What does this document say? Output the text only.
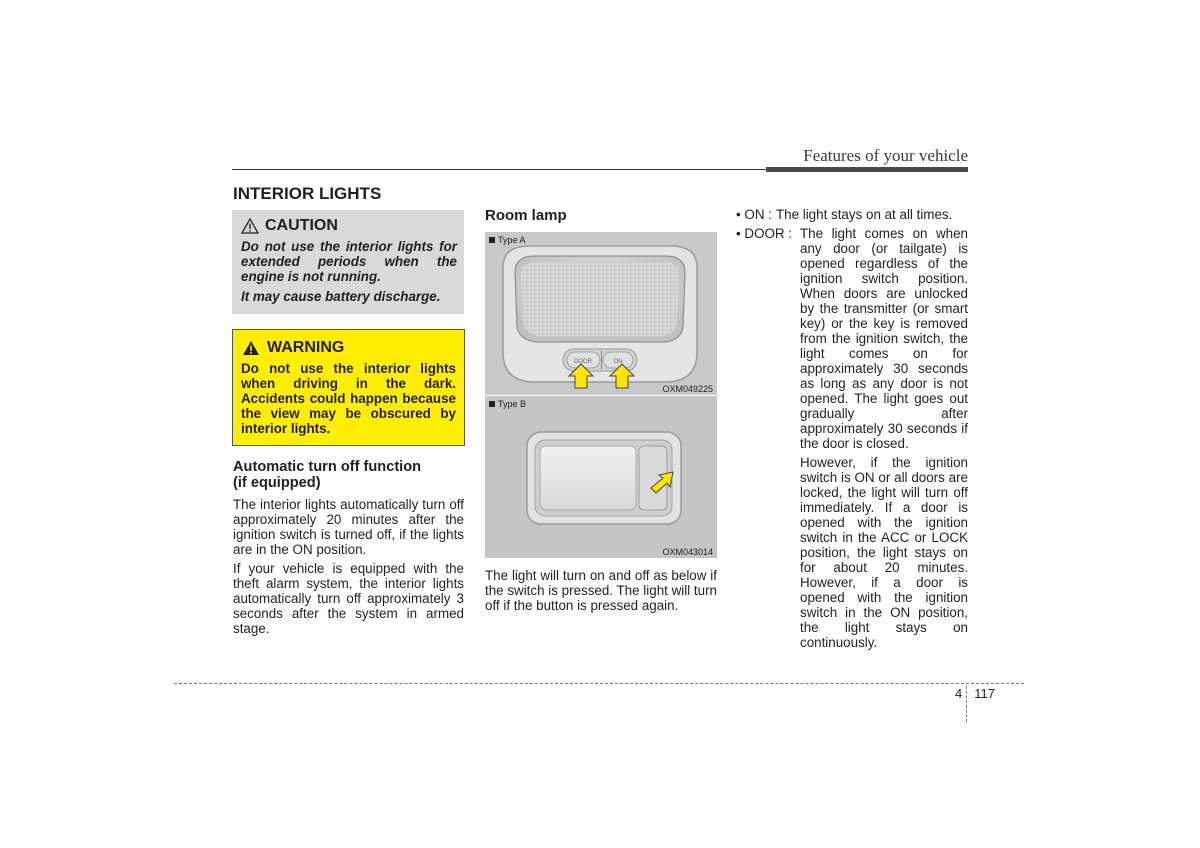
Features of your vehicle
INTERIOR LIGHTS
CAUTION

Do not use the interior lights for extended periods when the engine is not running.

It may cause battery discharge.

WARNING
Do not use the interior lights when driving in the dark. Accidents could happen because the view may be obscured by interior lights.
Automatic turn off function
(if equipped)
The interior lights automatically turn off approximately 20 minutes after the ignition switch is turned off, if the lights are in the ON position.
If your vehicle is equipped with the theft alarm system, the interior lights automatically turn off approximately 3 seconds after the system in armed stage.
Room lamp
DOOR	ON
Type A
OXM049225
Type B
OXM043014
The light will turn on and off as below if the switch is pressed. The light will turn off if the button is pressed again.
• ON : The light stays on at all times.
• DOOR : The light comes on when

any door (or tailgate) is opened regardless of the ignition switch position. When doors are unlocked by the transmitter (or smart key) or the key is removed from the ignition switch, the light comes on for approximately 30 seconds as long as any door is not opened. The light goes out gradually after approximately 30 seconds if the door is closed.

However, if the ignition switch is ON or all doors are locked, the light will turn off immediately. If a door is opened with the ignition switch in the ACC or LOCK position, the light stays on for about 20 minutes. However, if a door is opened with the ignition switch in the ON position, the light stays on continuously.

4 117
